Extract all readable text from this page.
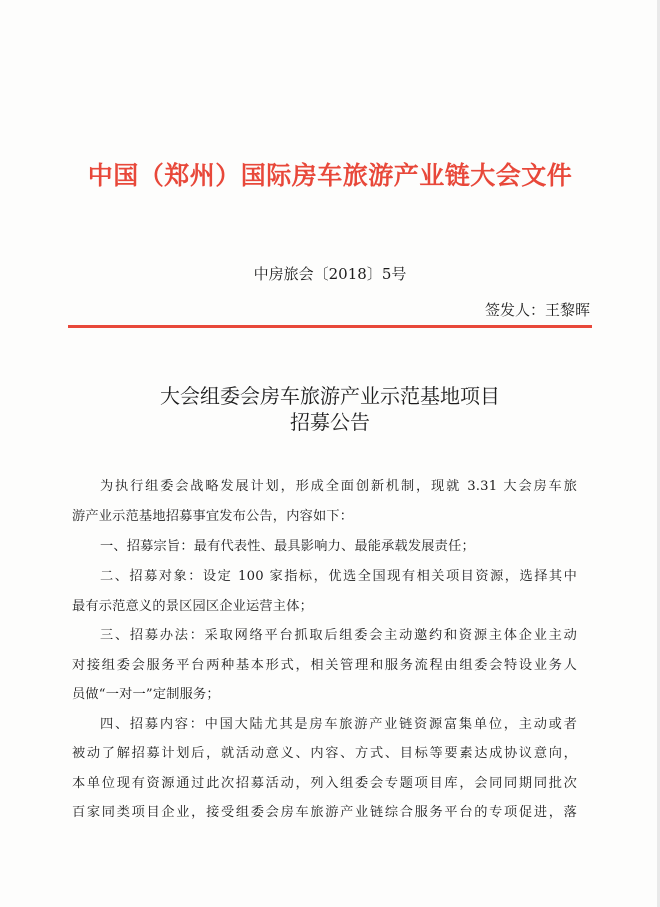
中国（郑州）国际房车旅游产业链大会文件
中房旅会〔2018〕5号
签发人：王黎晖
大会组委会房车旅游产业示范基地项目
招募公告
为执行组委会战略发展计划，形成全面创新机制，现就 3.31 大会房车旅
游产业示范基地招募事宜发布公告，内容如下：
一、招募宗旨：最有代表性、最具影响力、最能承载发展责任；
二、招募对象：设定 100 家指标，优选全国现有相关项目资源，选择其中
最有示范意义的景区园区企业运营主体；
三、招募办法：采取网络平台抓取后组委会主动邀约和资源主体企业主动
对接组委会服务平台两种基本形式，相关管理和服务流程由组委会特设业务人
员做“一对一”定制服务；
四、招募内容：中国大陆尤其是房车旅游产业链资源富集单位，主动或者
被动了解招募计划后，就活动意义、内容、方式、目标等要素达成协议意向，
本单位现有资源通过此次招募活动，列入组委会专题项目库，会同同期同批次
百家同类项目企业，接受组委会房车旅游产业链综合服务平台的专项促进，落
